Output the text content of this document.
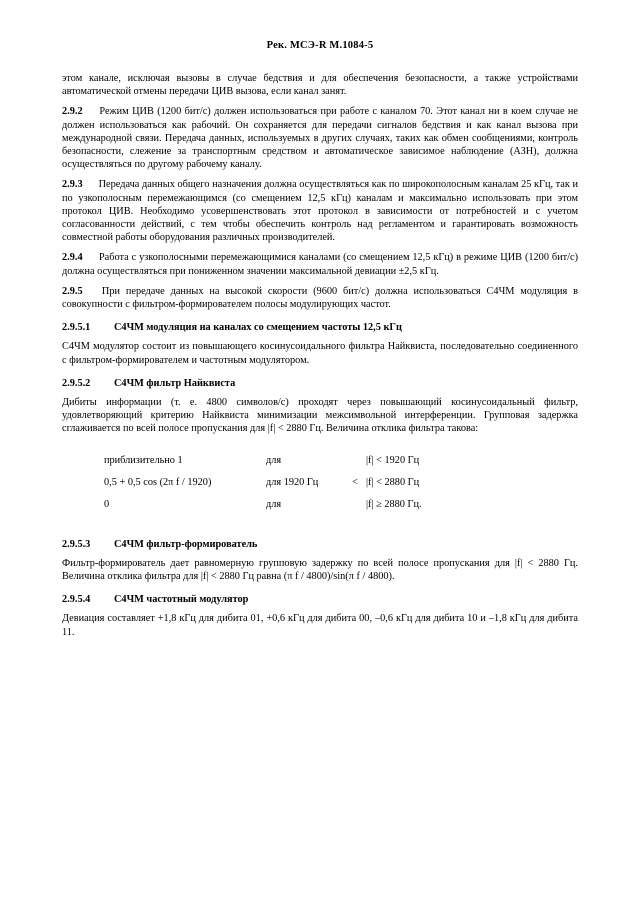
Рек. МСЭ-R M.1084-5

этом канале, исключая вызовы в случае бедствия и для обеспечения безопасности, а также устройствами автоматической отмены передачи ЦИВ вызова, если канал занят.

2.9.2 Режим ЦИВ (1200 бит/с) должен использоваться при работе с каналом 70. Этот канал ни в коем случае не должен использоваться как рабочий. Он сохраняется для передачи сигналов бедствия и как канал вызова при международной связи. Передача данных, используемых в других случаях, таких как обмен сообщениями, контроль безопасности, слежение за транспортным средством и автоматическое зависимое наблюдение (АЗН), должна осуществляться по другому рабочему каналу.

2.9.3 Передача данных общего назначения должна осуществляться как по широкополосным каналам 25 кГц, так и по узкополосным перемежающимся (со смещением 12,5 кГц) каналам и максимально использовать при этом протокол ЦИВ. Необходимо усовершенствовать этот протокол в зависимости от потребностей и с учетом согласованности действий, с тем чтобы обеспечить контроль над регламентом и гарантировать возможность совместной работы оборудования различных производителей.

2.9.4 Работа с узкополосными перемежающимися каналами (со смещением 12,5 кГц) в режиме ЦИВ (1200 бит/с) должна осуществляться при пониженном значении максимальной девиации ±2,5 кГц.

2.9.5 При передаче данных на высокой скорости (9600 бит/с) должна использоваться С4ЧМ модуляция в совокупности с фильтром-формирователем полосы модулирующих частот.

2.9.5.1 С4ЧМ модуляция на каналах со смещением частоты 12,5 кГц

С4ЧМ модулятор состоит из повышающего косинусоидального фильтра Найквиста, последовательно соединенного с фильтром-формирователем и частотным модулятором.

2.9.5.2 С4ЧМ фильтр Найквиста

Дибиты информации (т. е. 4800 символов/с) проходят через повышающий косинусоидальный фильтр, удовлетворяющий критерию Найквиста минимизации межсимвольной интерференции. Групповая задержка сглаживается по всей полосе пропускания для |f| < 2880 Гц. Величина отклика фильтра такова:

приблизительно 1	для	|f| < 1920 Гц
0,5 + 0,5 cos (2π f / 1920)	для 1920 Гц	< |f| < 2880 Гц
0	для	|f| ≥ 2880 Гц.
2.9.5.3 С4ЧМ фильтр-формирователь

Фильтр-формирователь дает равномерную групповую задержку по всей полосе пропускания для |f| < 2880 Гц. Величина отклика фильтра для |f| < 2880 Гц равна (π f / 4800)/sin(π f / 4800).

2.9.5.4 С4ЧМ частотный модулятор

Девиация составляет +1,8 кГц для дибита 01, +0,6 кГц для дибита 00, –0,6 кГц для дибита 10 и –1,8 кГц для дибита 11.
